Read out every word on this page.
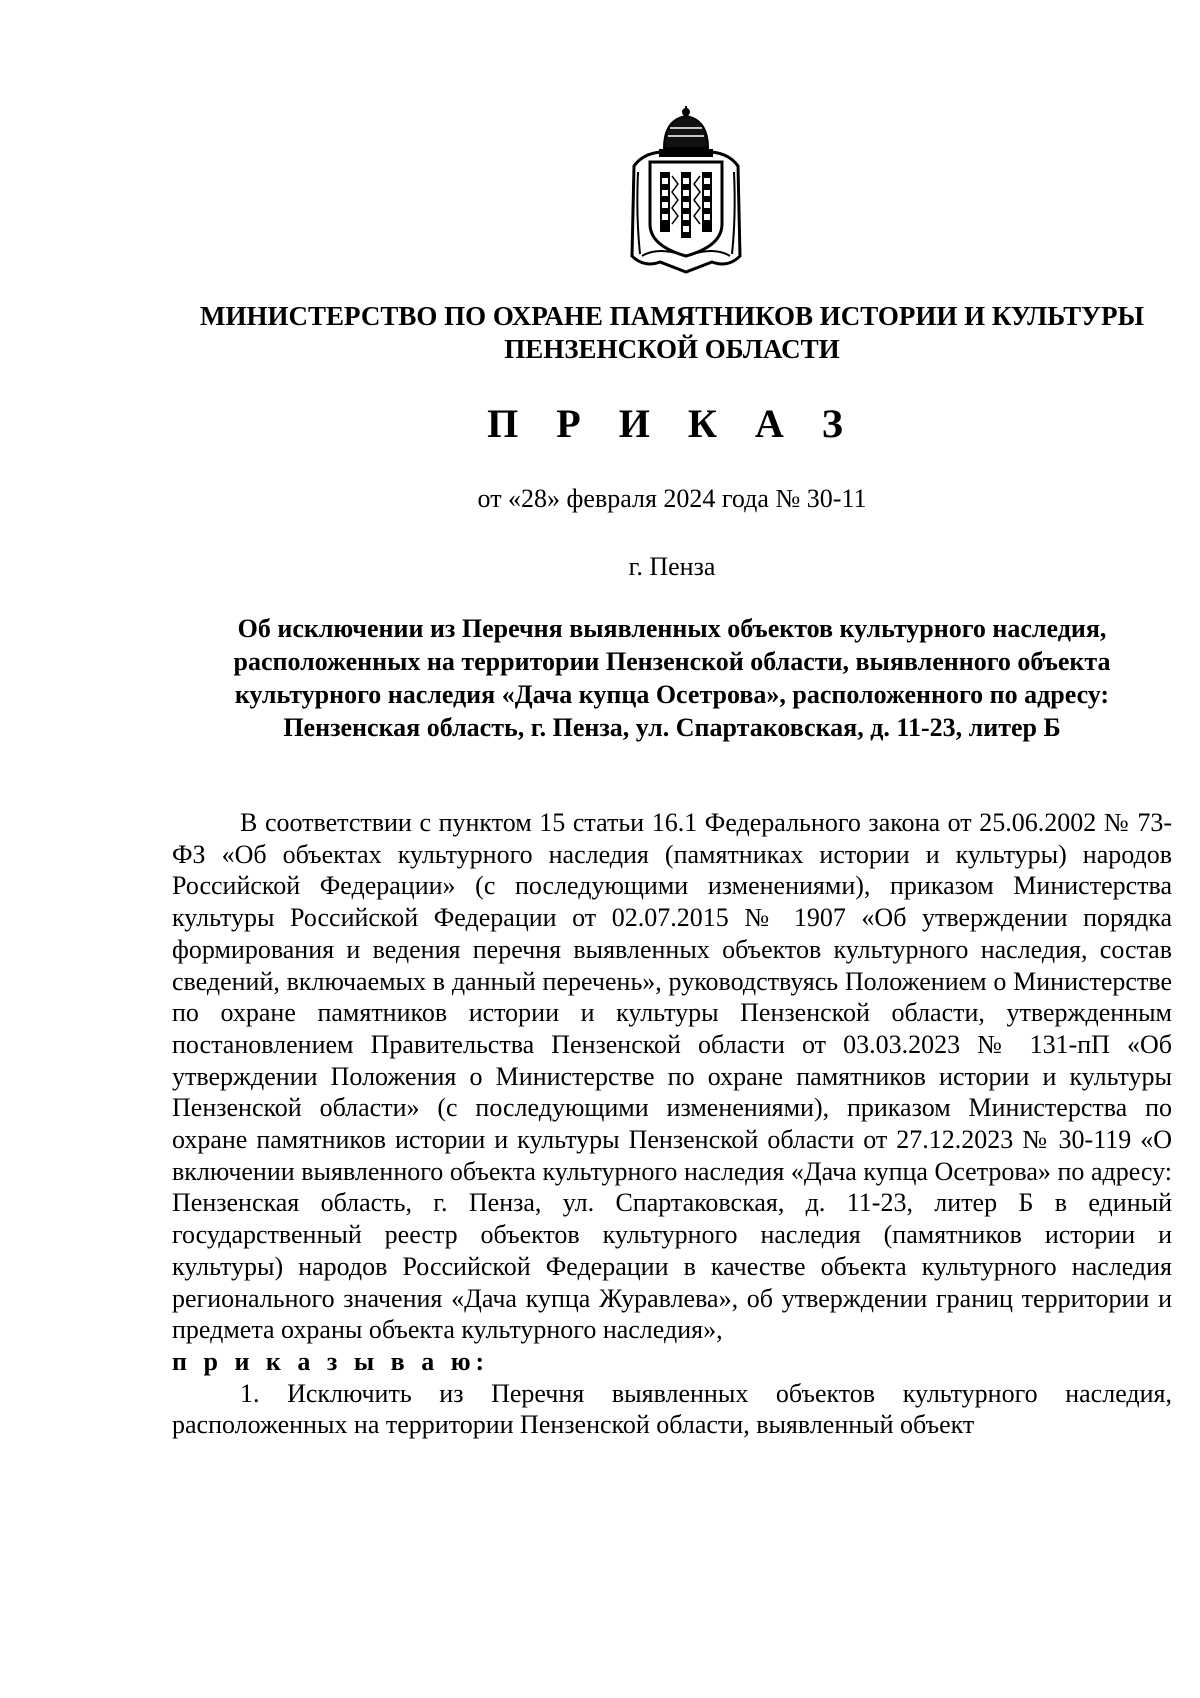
МИНИСТЕРСТВО ПО ОХРАНЕ ПАМЯТНИКОВ ИСТОРИИ И КУЛЬТУРЫ ПЕНЗЕНСКОЙ ОБЛАСТИ
П Р И К А З
от «28» февраля 2024 года № 30-11
г. Пенза
Об исключении из Перечня выявленных объектов культурного наследия, расположенных на территории Пензенской области, выявленного объекта культурного наследия «Дача купца Осетрова», расположенного по адресу: Пензенская область, г. Пенза, ул. Спартаковская, д. 11-23, литер Б

В соответствии с пунктом 15 статьи 16.1 Федерального закона от 25.06.2002 № 73-ФЗ «Об объектах культурного наследия (памятниках истории и культуры) народов Российской Федерации» (с последующими изменениями), приказом Министерства культуры Российской Федерации от 02.07.2015 № 1907 «Об утверждении порядка формирования и ведения перечня выявленных объектов культурного наследия, состав сведений, включаемых в данный перечень», руководствуясь Положением о Министерстве по охране памятников истории и культуры Пензенской области, утвержденным постановлением Правительства Пензенской области от 03.03.2023 № 131-пП «Об утверждении Положения о Министерстве по охране памятников истории и культуры Пензенской области» (с последующими изменениями), приказом Министерства по охране памятников истории и культуры Пензенской области от 27.12.2023 № 30-119 «О включении выявленного объекта культурного наследия «Дача купца Осетрова» по адресу: Пензенская область, г. Пенза, ул. Спартаковская, д. 11-23, литер Б в единый государственный реестр объектов культурного наследия (памятников истории и культуры) народов Российской Федерации в качестве объекта культурного наследия регионального значения «Дача купца Журавлева», об утверждении границ территории и предмета охраны объекта культурного наследия»,
п р и к а з ы в а ю:

1. Исключить из Перечня выявленных объектов культурного наследия, расположенных на территории Пензенской области, выявленный объект
